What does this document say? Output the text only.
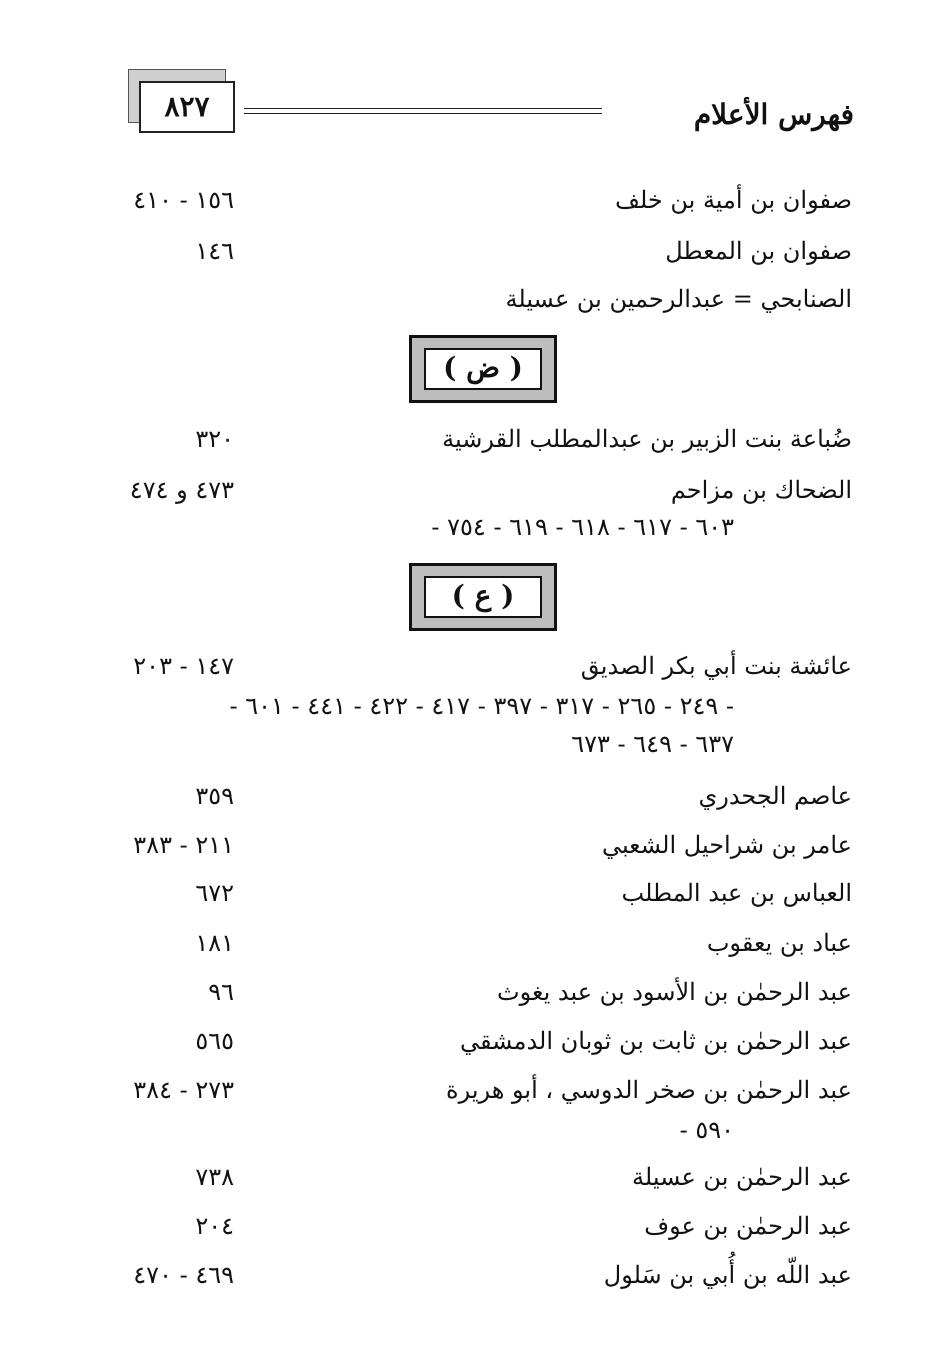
٨٢٧	فهرس الأعلام
صفوان بن أمية بن خلف
١٥٦ - ٤١٠
صفوان بن المعطل
١٤٦
الصنابحي = عبدالرحمين بن عسيلة
( ض )
ضُباعة بنت الزبير بن عبدالمطلب القرشية
٣٢٠
الضحاك بن مزاحم
٤٧٣ و ٤٧٤
- ٦٠٣ - ٦١٧ - ٦١٨ - ٦١٩ - ٧٥٤
( ع )
عائشة بنت أبي بكر الصديق
١٤٧ - ٢٠٣
- ٢٤٩ - ٢٦٥ - ٣١٧ - ٣٩٧ - ٤١٧ - ٤٢٢ - ٤٤١ - ٦٠١ -
٦٣٧ - ٦٤٩ - ٦٧٣
عاصم الجحدري
٣٥٩
عامر بن شراحيل الشعبي
٢١١ - ٣٨٣
العباس بن عبد المطلب
٦٧٢
عباد بن يعقوب
١٨١
عبد الرحمٰن بن الأسود بن عبد يغوث
٩٦
عبد الرحمٰن بن ثابت بن ثوبان الدمشقي
٥٦٥
عبد الرحمٰن بن صخر الدوسي ، أبو هريرة
٢٧٣ - ٣٨٤
- ٥٩٠
عبد الرحمٰن بن عسيلة
٧٣٨
عبد الرحمٰن بن عوف
٢٠٤
عبد اللّه بن أُبي بن سَلول
٤٦٩ - ٤٧٠
